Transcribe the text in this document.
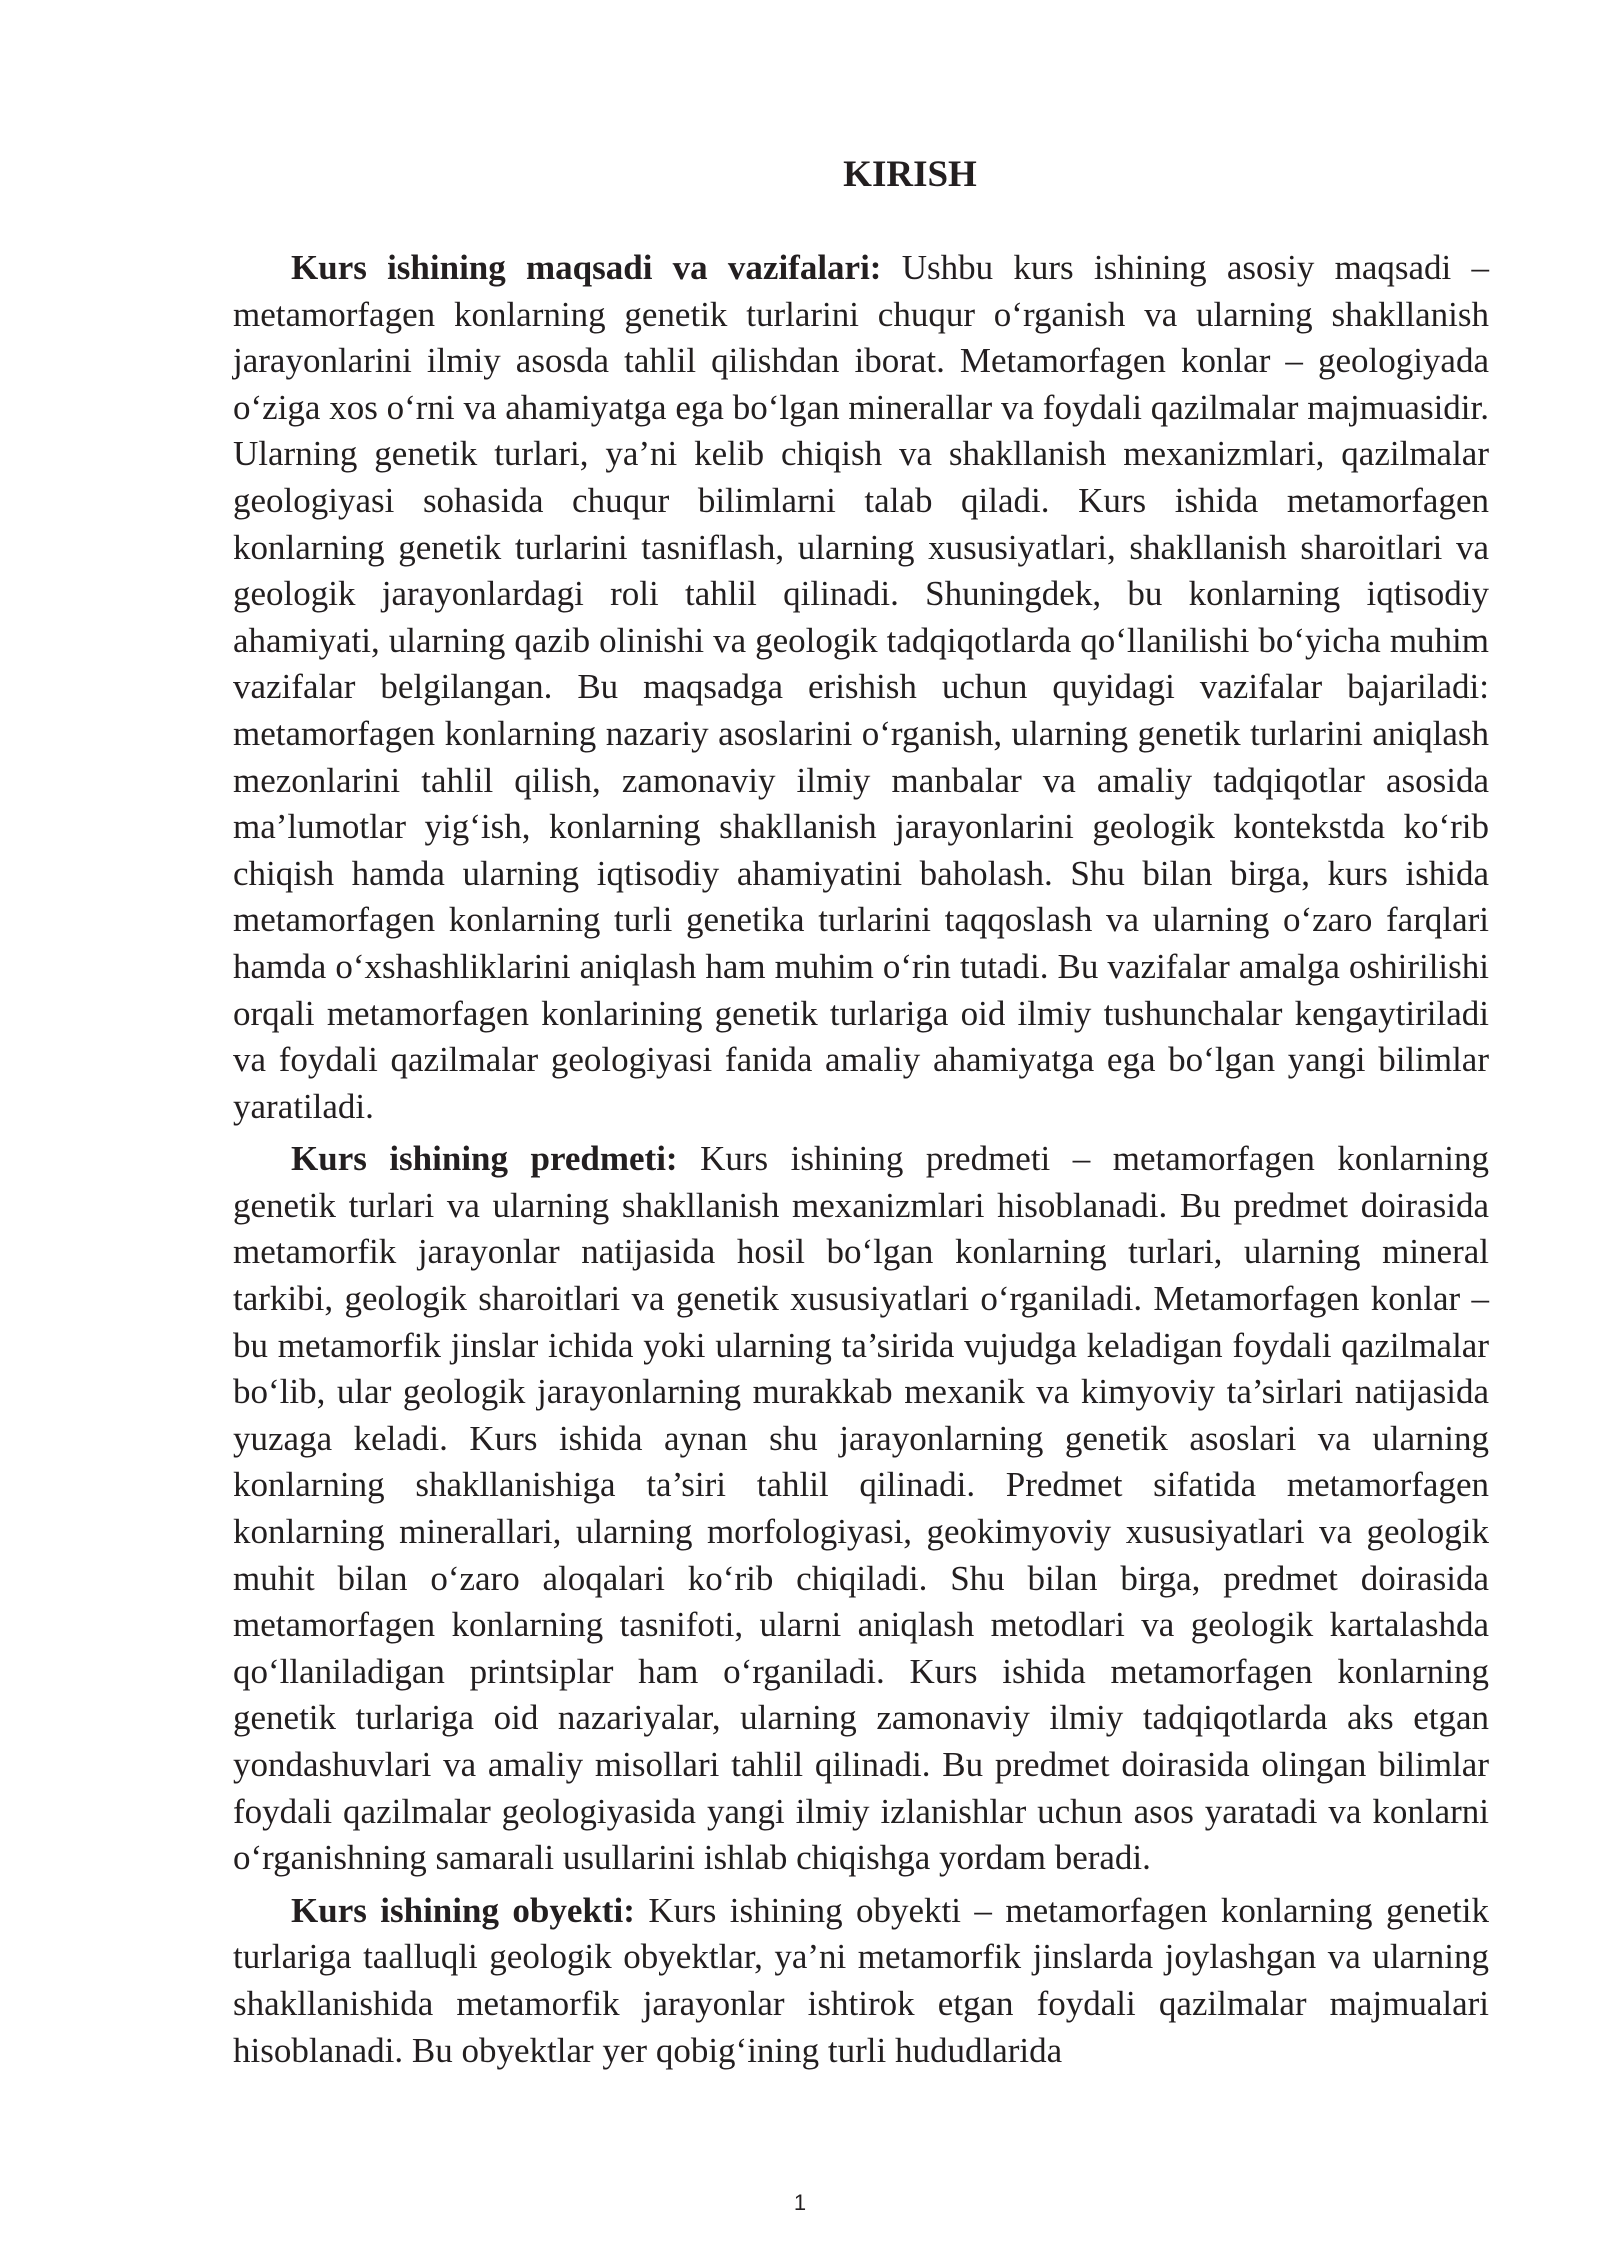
KIRISH

Kurs ishining maqsadi va vazifalari: Ushbu kurs ishining asosiy maqsadi – metamorfagen konlarning genetik turlarini chuqur o‘rganish va ularning shakllanish jarayonlarini ilmiy asosda tahlil qilishdan iborat. Metamorfagen konlar – geologiyada o‘ziga xos o‘rni va ahamiyatga ega bo‘lgan minerallar va foydali qazilmalar majmuasidir. Ularning genetik turlari, ya’ni kelib chiqish va shakllanish mexanizmlari, qazilmalar geologiyasi sohasida chuqur bilimlarni talab qiladi. Kurs ishida metamorfagen konlarning genetik turlarini tasniflash, ularning xususiyatlari, shakllanish sharoitlari va geologik jarayonlardagi roli tahlil qilinadi. Shuningdek, bu konlarning iqtisodiy ahamiyati, ularning qazib olinishi va geologik tadqiqotlarda qo‘llanilishi bo‘yicha muhim vazifalar belgilangan. Bu maqsadga erishish uchun quyidagi vazifalar bajariladi: metamorfagen konlarning nazariy asoslarini o‘rganish, ularning genetik turlarini aniqlash mezonlarini tahlil qilish, zamonaviy ilmiy manbalar va amaliy tadqiqotlar asosida ma’lumotlar yig‘ish, konlarning shakllanish jarayonlarini geologik kontekstda ko‘rib chiqish hamda ularning iqtisodiy ahamiyatini baholash. Shu bilan birga, kurs ishida metamorfagen konlarning turli genetika turlarini taqqoslash va ularning o‘zaro farqlari hamda o‘xshashliklarini aniqlash ham muhim o‘rin tutadi. Bu vazifalar amalga oshirilishi orqali metamorfagen konlarining genetik turlariga oid ilmiy tushunchalar kengaytiriladi va foydali qazilmalar geologiyasi fanida amaliy ahamiyatga ega bo‘lgan yangi bilimlar yaratiladi.

Kurs ishining predmeti: Kurs ishining predmeti – metamorfagen konlarning genetik turlari va ularning shakllanish mexanizmlari hisoblanadi. Bu predmet doirasida metamorfik jarayonlar natijasida hosil bo‘lgan konlarning turlari, ularning mineral tarkibi, geologik sharoitlari va genetik xususiyatlari o‘rganiladi. Metamorfagen konlar – bu metamorfik jinslar ichida yoki ularning ta’sirida vujudga keladigan foydali qazilmalar bo‘lib, ular geologik jarayonlarning murakkab mexanik va kimyoviy ta’sirlari natijasida yuzaga keladi. Kurs ishida aynan shu jarayonlarning genetik asoslari va ularning konlarning shakllanishiga ta’siri tahlil qilinadi. Predmet sifatida metamorfagen konlarning minerallari, ularning morfologiyasi, geokimyoviy xususiyatlari va geologik muhit bilan o‘zaro aloqalari ko‘rib chiqiladi. Shu bilan birga, predmet doirasida metamorfagen konlarning tasnifoti, ularni aniqlash metodlari va geologik kartalashda qo‘llaniladigan printsiplar ham o‘rganiladi. Kurs ishida metamorfagen konlarning genetik turlariga oid nazariyalar, ularning zamonaviy ilmiy tadqiqotlarda aks etgan yondashuvlari va amaliy misollari tahlil qilinadi. Bu predmet doirasida olingan bilimlar foydali qazilmalar geologiyasida yangi ilmiy izlanishlar uchun asos yaratadi va konlarni o‘rganishning samarali usullarini ishlab chiqishga yordam beradi.

Kurs ishining obyekti: Kurs ishining obyekti – metamorfagen konlarning genetik turlariga taalluqli geologik obyektlar, ya’ni metamorfik jinslarda joylashgan va ularning shakllanishida metamorfik jarayonlar ishtirok etgan foydali qazilmalar majmualari hisoblanadi. Bu obyektlar yer qobig‘ining turli hududlarida

1
